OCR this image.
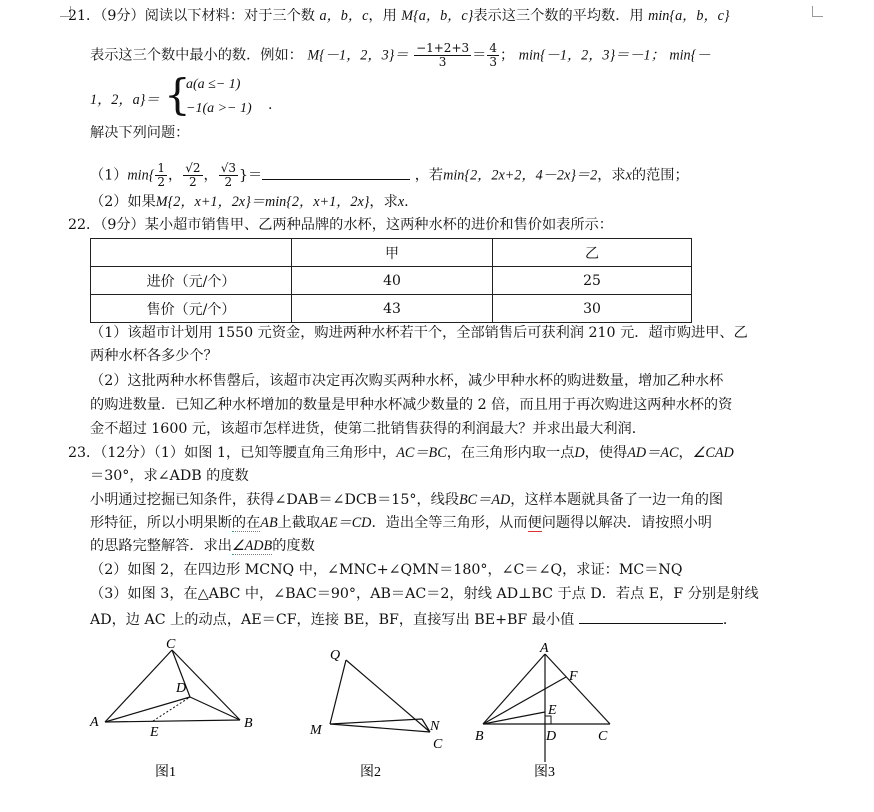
21．（9分）阅读以下材料：对于三个数 a，b，c，用 M{a，b，c}表示这三个数的平均数．用 min{a，b，c}
表示这三个数中最小的数．例如： M{－1，2，$3\}= \frac{-1+2+3}{3} = \frac{4}{3}$ ； min{－1，2，3}＝－1； min{－
1，2，a}＝ {
a(a ≤− 1)
−1(a >− 1) .
解决下列问题：
$(1)\min\{ \frac{1}{2}$ ， $\frac{√2}{2}$ ， $\frac{√3}{2}$ }＝	，若min{2，2x+2，4－2x}＝2，求x的范围；
（2）如果M{2，x+1，2x}＝min{2，x+1，2x}，求x.
22．（9分）某小超市销售甲、乙两种品牌的水杯，这两种水杯的进价和售价如表所示：
	甲	乙
进价（元/个）	40	25
售价（元/个）	43	30
（1）该超市计划用 1550 元资金，购进两种水杯若干个，全部销售后可获利润 210 元．超市购进甲、乙
两种水杯各多少个？
（2）这批两种水杯售罄后，该超市决定再次购买两种水杯，减少甲种水杯的购进数量，增加乙种水杯
的购进数量．已知乙种水杯增加的数量是甲种水杯减少数量的 2 倍，而且用于再次购进这两种水杯的资
金不超过 1600 元，该超市怎样进货，使第二批销售获得的利润最大？并求出最大利润．
23．（12分）（1）如图 1，已知等腰直角三角形中，AC＝BC，在三角形内取一点D，使得AD＝AC，∠CAD
＝30°，求∠ADB 的度数
小明通过挖掘已知条件，获得∠DAB＝∠DCB＝15°，线段BC＝AD，这样本题就具备了一边一角的图
形特征，所以小明果断的在AB上截取AE＝CD．造出全等三角形，从而便问题得以解决．请按照小明
的思路完整解答．求出∠ADB的度数
（2）如图 2，在四边形 MCNQ 中，∠MNC+∠QMN＝180°，∠C＝∠Q，求证：MC＝NQ
（3）如图 3，在△ABC 中，∠BAC＝90°，AB＝AC＝2，射线 AD⊥BC 于点 D．若点 E，F 分别是射线
AD，边 AC 上的动点，AE＝CF，连接 BE，BF，直接写出 BE+BF 最小值	．
C
D
A
E
B
图1
Q
M	N
C
图2
A
F
E
B	D	C
图3
